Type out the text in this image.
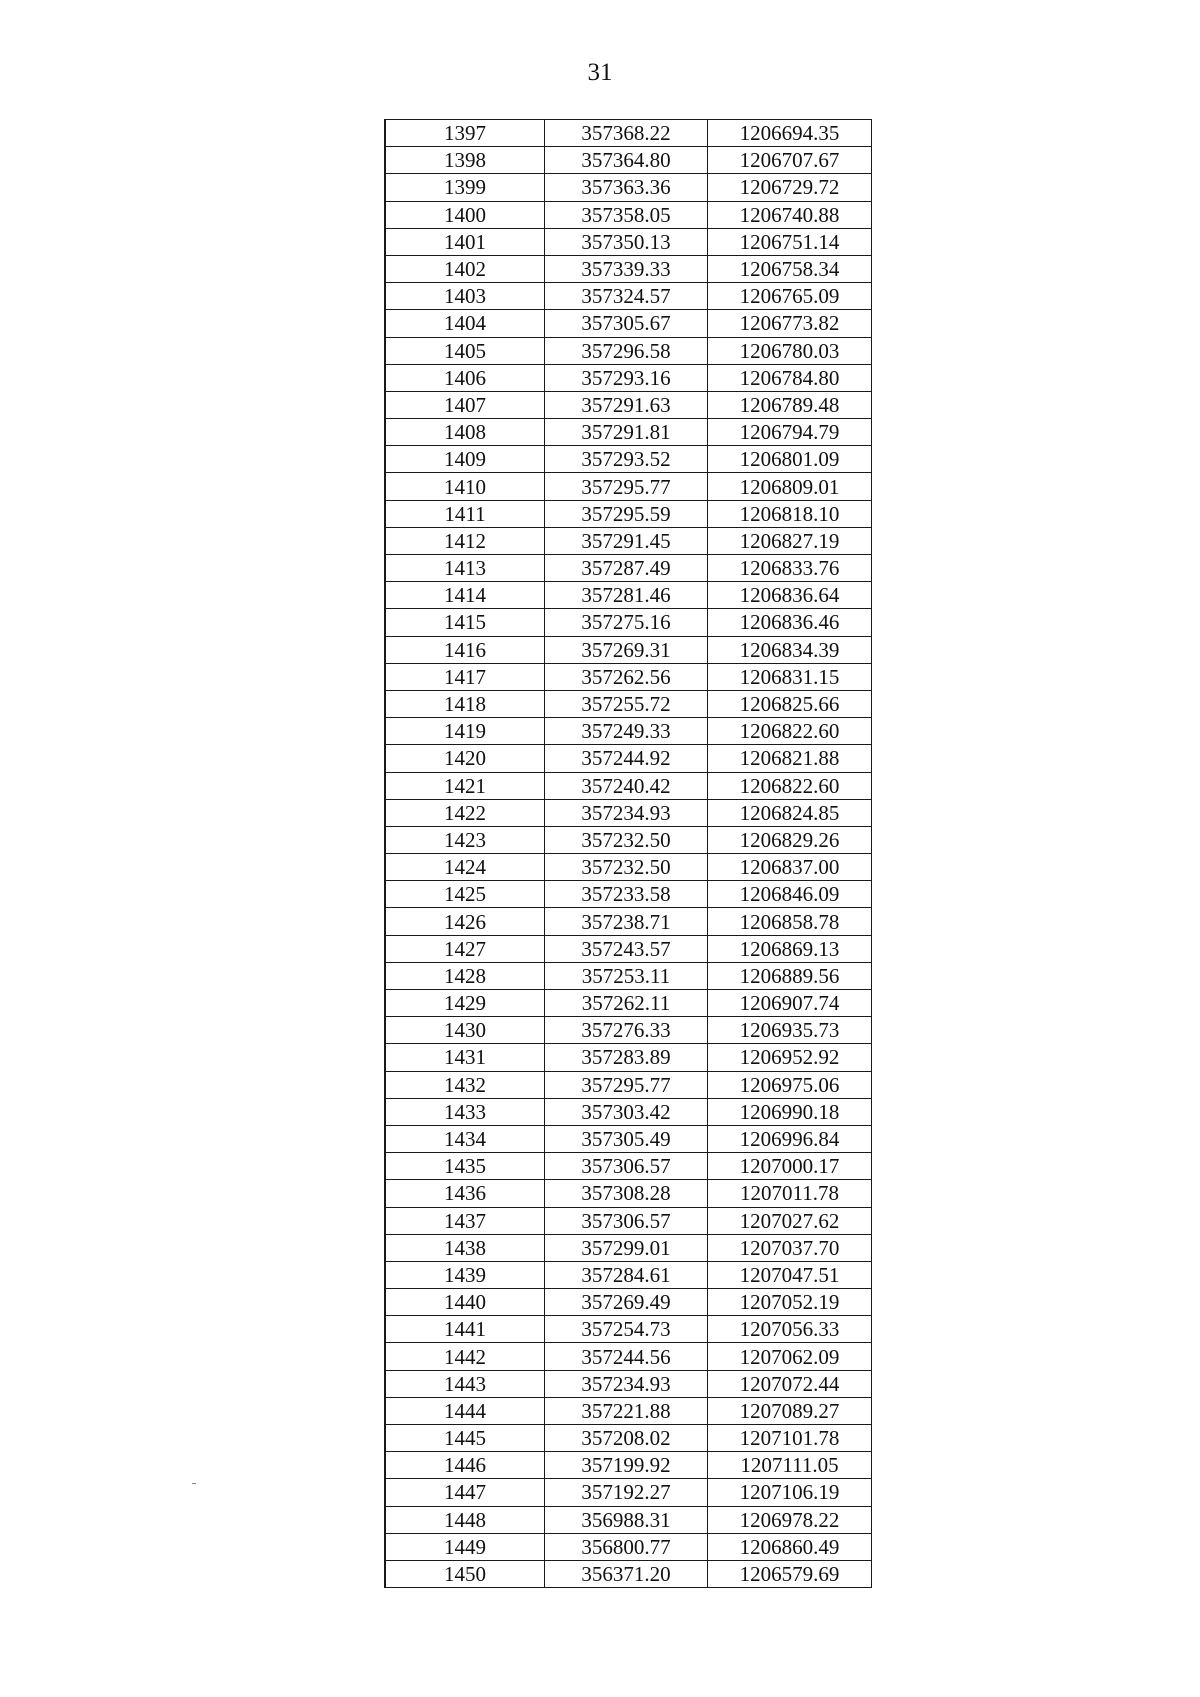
31
1397	357368.22	1206694.35
1398	357364.80	1206707.67
1399	357363.36	1206729.72
1400	357358.05	1206740.88
1401	357350.13	1206751.14
1402	357339.33	1206758.34
1403	357324.57	1206765.09
1404	357305.67	1206773.82
1405	357296.58	1206780.03
1406	357293.16	1206784.80
1407	357291.63	1206789.48
1408	357291.81	1206794.79
1409	357293.52	1206801.09
1410	357295.77	1206809.01
1411	357295.59	1206818.10
1412	357291.45	1206827.19
1413	357287.49	1206833.76
1414	357281.46	1206836.64
1415	357275.16	1206836.46
1416	357269.31	1206834.39
1417	357262.56	1206831.15
1418	357255.72	1206825.66
1419	357249.33	1206822.60
1420	357244.92	1206821.88
1421	357240.42	1206822.60
1422	357234.93	1206824.85
1423	357232.50	1206829.26
1424	357232.50	1206837.00
1425	357233.58	1206846.09
1426	357238.71	1206858.78
1427	357243.57	1206869.13
1428	357253.11	1206889.56
1429	357262.11	1206907.74
1430	357276.33	1206935.73
1431	357283.89	1206952.92
1432	357295.77	1206975.06
1433	357303.42	1206990.18
1434	357305.49	1206996.84
1435	357306.57	1207000.17
1436	357308.28	1207011.78
1437	357306.57	1207027.62
1438	357299.01	1207037.70
1439	357284.61	1207047.51
1440	357269.49	1207052.19
1441	357254.73	1207056.33
1442	357244.56	1207062.09
1443	357234.93	1207072.44
1444	357221.88	1207089.27
1445	357208.02	1207101.78
1446	357199.92	1207111.05
1447	357192.27	1207106.19
1448	356988.31	1206978.22
1449	356800.77	1206860.49
1450	356371.20	1206579.69
